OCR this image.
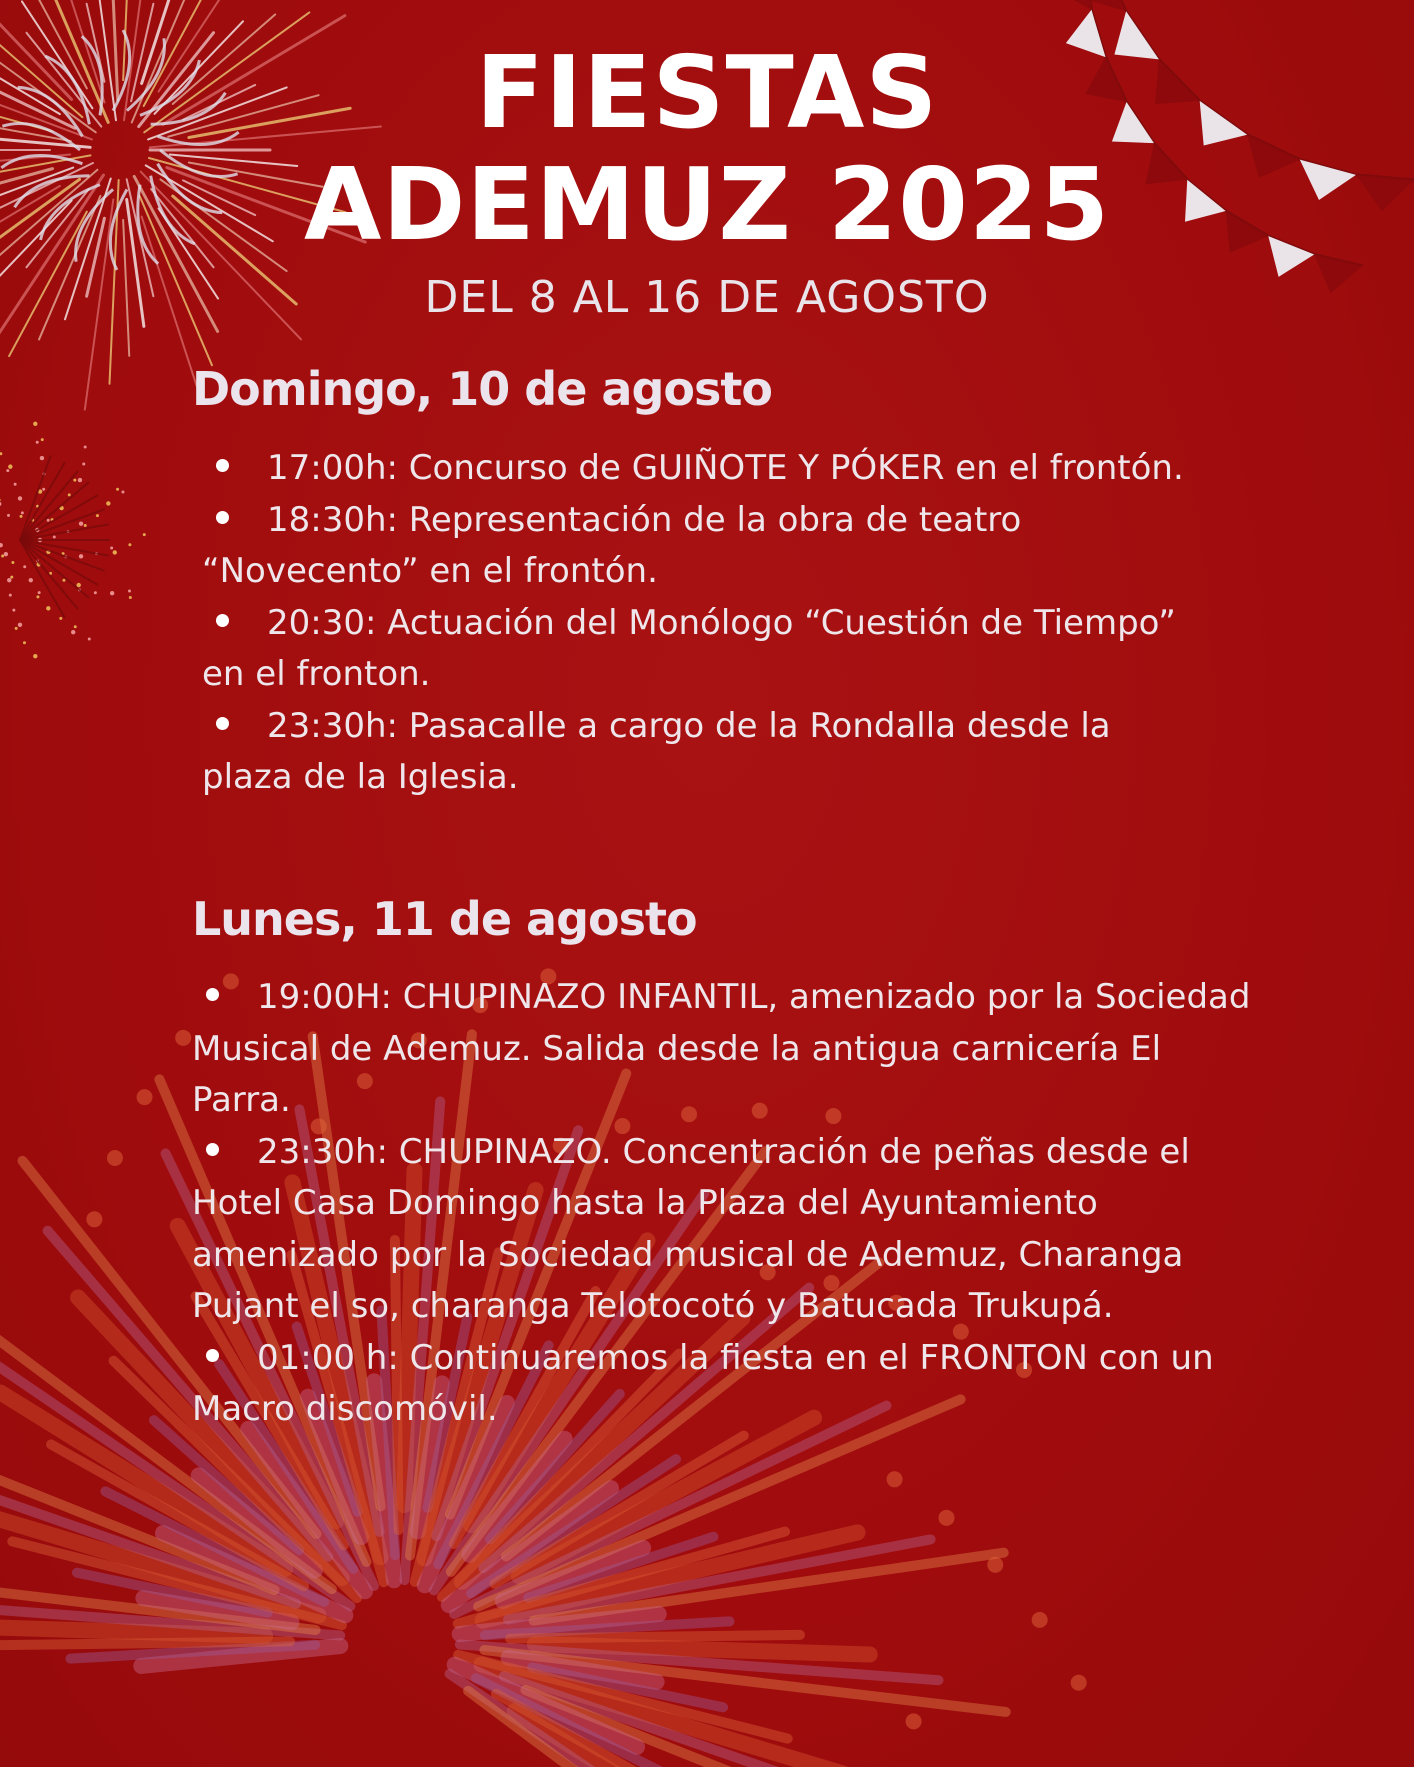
FIESTAS
ADEMUZ 2025
DEL 8 AL 16 DE AGOSTO
Domingo, 10 de agosto
17:00h: Concurso de GUIÑOTE Y PÓKER en el frontón.
18:30h: Representación de la obra de teatro “Novecento” en el frontón.
20:30: Actuación del Monólogo “Cuestión de Tiempo” en el fronton.
23:30h: Pasacalle a cargo de la Rondalla desde la plaza de la Iglesia.
Lunes, 11 de agosto
19:00H: CHUPINAZO INFANTIL, amenizado por la Sociedad Musical de Ademuz. Salida desde la antigua carnicería El Parra.
23:30h: CHUPINAZO. Concentración de peñas desde el Hotel Casa Domingo hasta la Plaza del Ayuntamiento amenizado por la Sociedad musical de Ademuz, Charanga Pujant el so, charanga Telotocotó y Batucada Trukupá.
01:00 h: Continuaremos la fiesta en el FRONTON con un Macro discomóvil.
